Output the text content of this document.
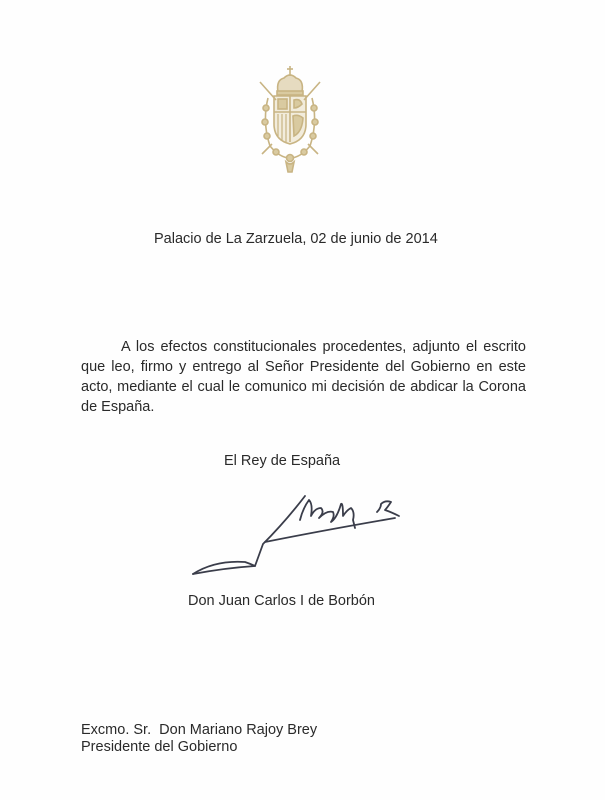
Palacio de La Zarzuela, 02 de junio de 2014
A los efectos constitucionales procedentes, adjunto el escrito que leo, firmo y entrego al Señor Presidente del Gobierno en este acto, mediante el cual le comunico mi decisión de abdicar la Corona de España.
El Rey de España
Don Juan Carlos I de Borbón
Excmo. Sr.  Don Mariano Rajoy Brey
Presidente del Gobierno
